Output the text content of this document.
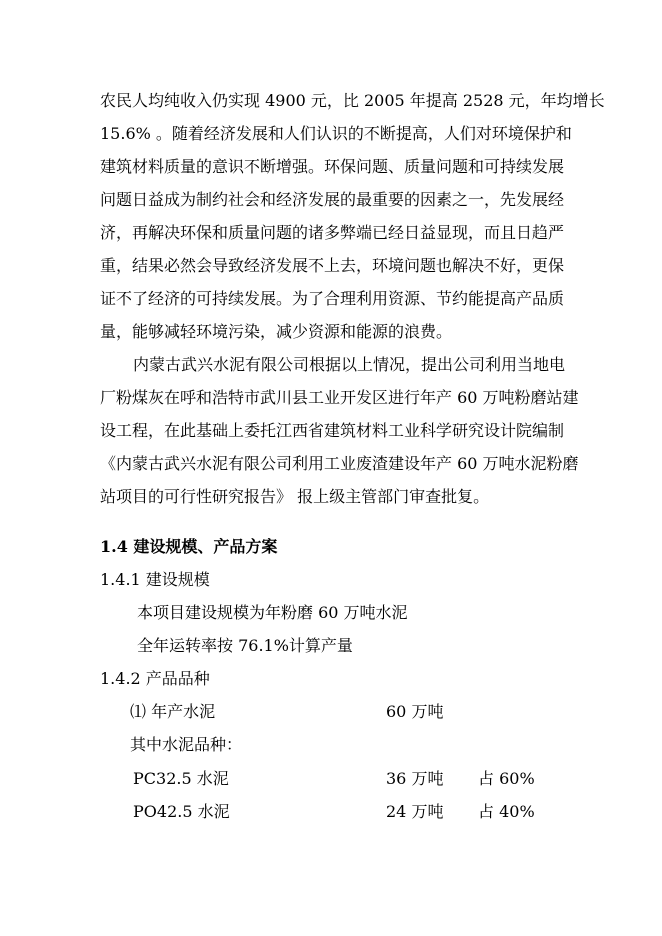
农民人均纯收入仍实现 4900 元，比 2005 年提高 2528 元，年均增长
15.6% 。随着经济发展和人们认识的不断提高，人们对环境保护和
建筑材料质量的意识不断增强。环保问题、质量问题和可持续发展
问题日益成为制约社会和经济发展的最重要的因素之一，先发展经
济，再解决环保和质量问题的诸多弊端已经日益显现，而且日趋严
重，结果必然会导致经济发展不上去，环境问题也解决不好，更保
证不了经济的可持续发展。为了合理利用资源、节约能提高产品质
量，能够减轻环境污染，减少资源和能源的浪费。
内蒙古武兴水泥有限公司根据以上情况，提出公司利用当地电
厂粉煤灰在呼和浩特市武川县工业开发区进行年产 60 万吨粉磨站建
设工程，在此基础上委托江西省建筑材料工业科学研究设计院编制
《内蒙古武兴水泥有限公司利用工业废渣建设年产 60 万吨水泥粉磨
站项目的可行性研究报告》 报上级主管部门审查批复。
1.4 建设规模、产品方案
1.4.1 建设规模
本项目建设规模为年粉磨 60 万吨水泥
全年运转率按 76.1%计算产量
1.4.2 产品品种
⑴ 年产水泥	60 万吨
其中水泥品种：
PC32.5 水泥	36 万吨 占 60%
PO42.5 水泥	24 万吨 占 40%
